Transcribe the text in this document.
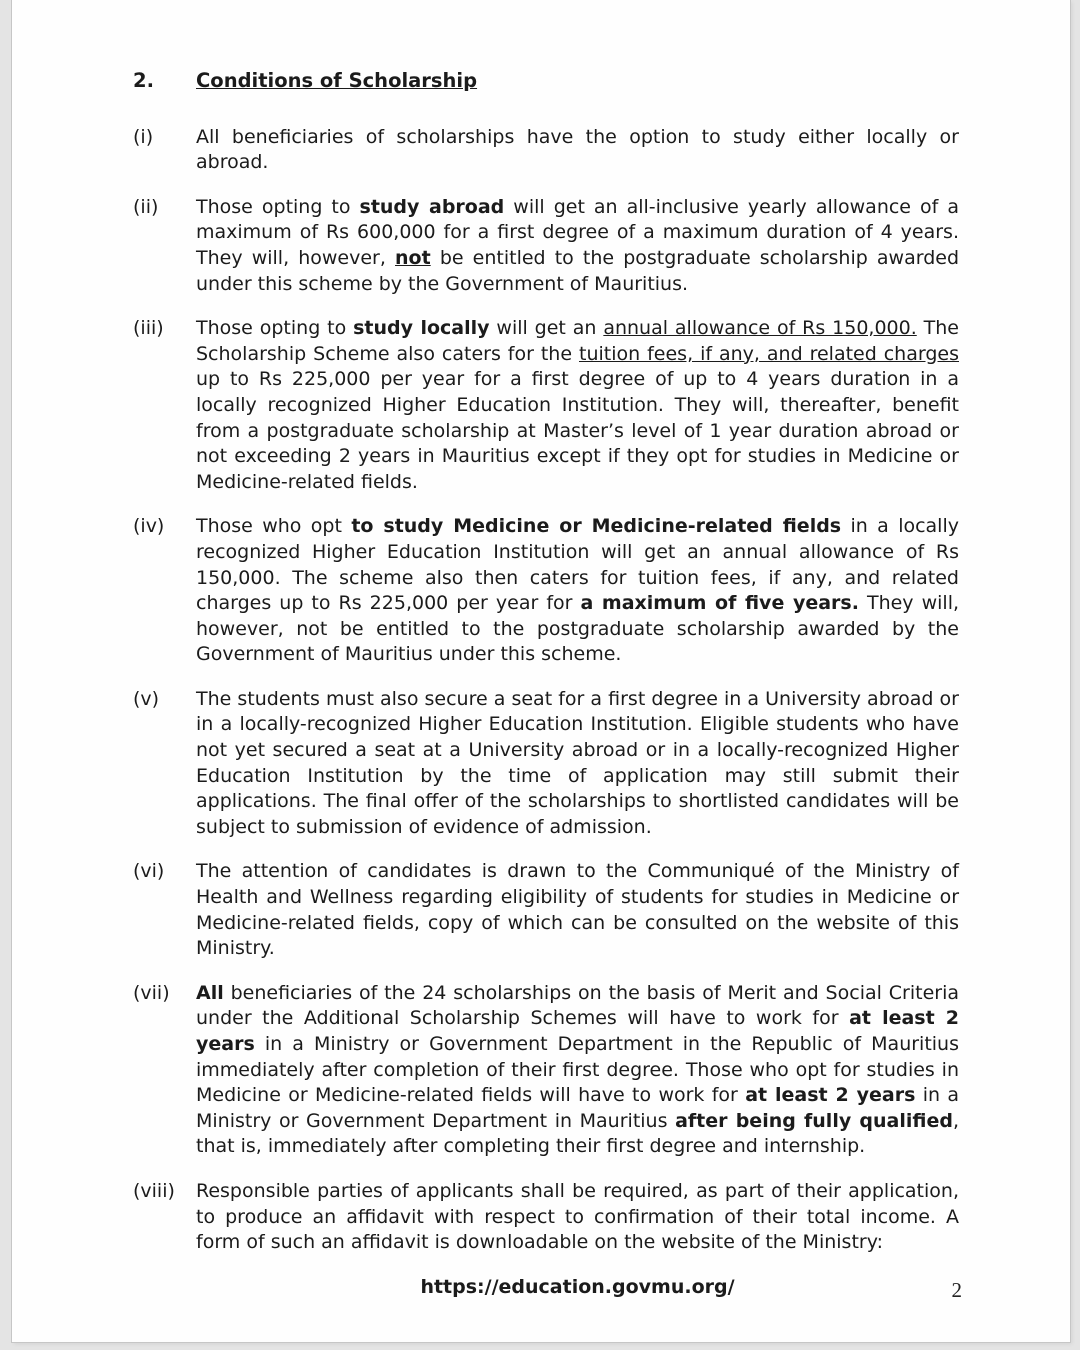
2.	Conditions of Scholarship
(i)	All beneficiaries of scholarships have the option to study either locally or abroad.
(ii)	Those opting to study abroad will get an all-inclusive yearly allowance of a maximum of Rs 600,000 for a first degree of a maximum duration of 4 years. They will, however, not be entitled to the postgraduate scholarship awarded under this scheme by the Government of Mauritius.
(iii)	Those opting to study locally will get an annual allowance of Rs 150,000. The Scholarship Scheme also caters for the tuition fees, if any, and related charges up to Rs 225,000 per year for a first degree of up to 4 years duration in a locally recognized Higher Education Institution. They will, thereafter, benefit from a postgraduate scholarship at Master’s level of 1 year duration abroad or not exceeding 2 years in Mauritius except if they opt for studies in Medicine or Medicine-related fields.
(iv)	Those who opt to study Medicine or Medicine-related fields in a locally recognized Higher Education Institution will get an annual allowance of Rs 150,000. The scheme also then caters for tuition fees, if any, and related charges up to Rs 225,000 per year for a maximum of five years. They will, however, not be entitled to the postgraduate scholarship awarded by the Government of Mauritius under this scheme.
(v)	The students must also secure a seat for a first degree in a University abroad or in a locally-recognized Higher Education Institution. Eligible students who have not yet secured a seat at a University abroad or in a locally-recognized Higher Education Institution by the time of application may still submit their applications. The final offer of the scholarships to shortlisted candidates will be subject to submission of evidence of admission.
(vi)	The attention of candidates is drawn to the Communiqué of the Ministry of Health and Wellness regarding eligibility of students for studies in Medicine or Medicine-related fields, copy of which can be consulted on the website of this Ministry.
(vii)	All beneficiaries of the 24 scholarships on the basis of Merit and Social Criteria under the Additional Scholarship Schemes will have to work for at least 2 years in a Ministry or Government Department in the Republic of Mauritius immediately after completion of their first degree. Those who opt for studies in Medicine or Medicine-related fields will have to work for at least 2 years in a Ministry or Government Department in Mauritius after being fully qualified, that is, immediately after completing their first degree and internship.
(viii)	Responsible parties of applicants shall be required, as part of their application, to produce an affidavit with respect to confirmation of their total income. A form of such an affidavit is downloadable on the website of the Ministry:
https://education.govmu.org/	2
